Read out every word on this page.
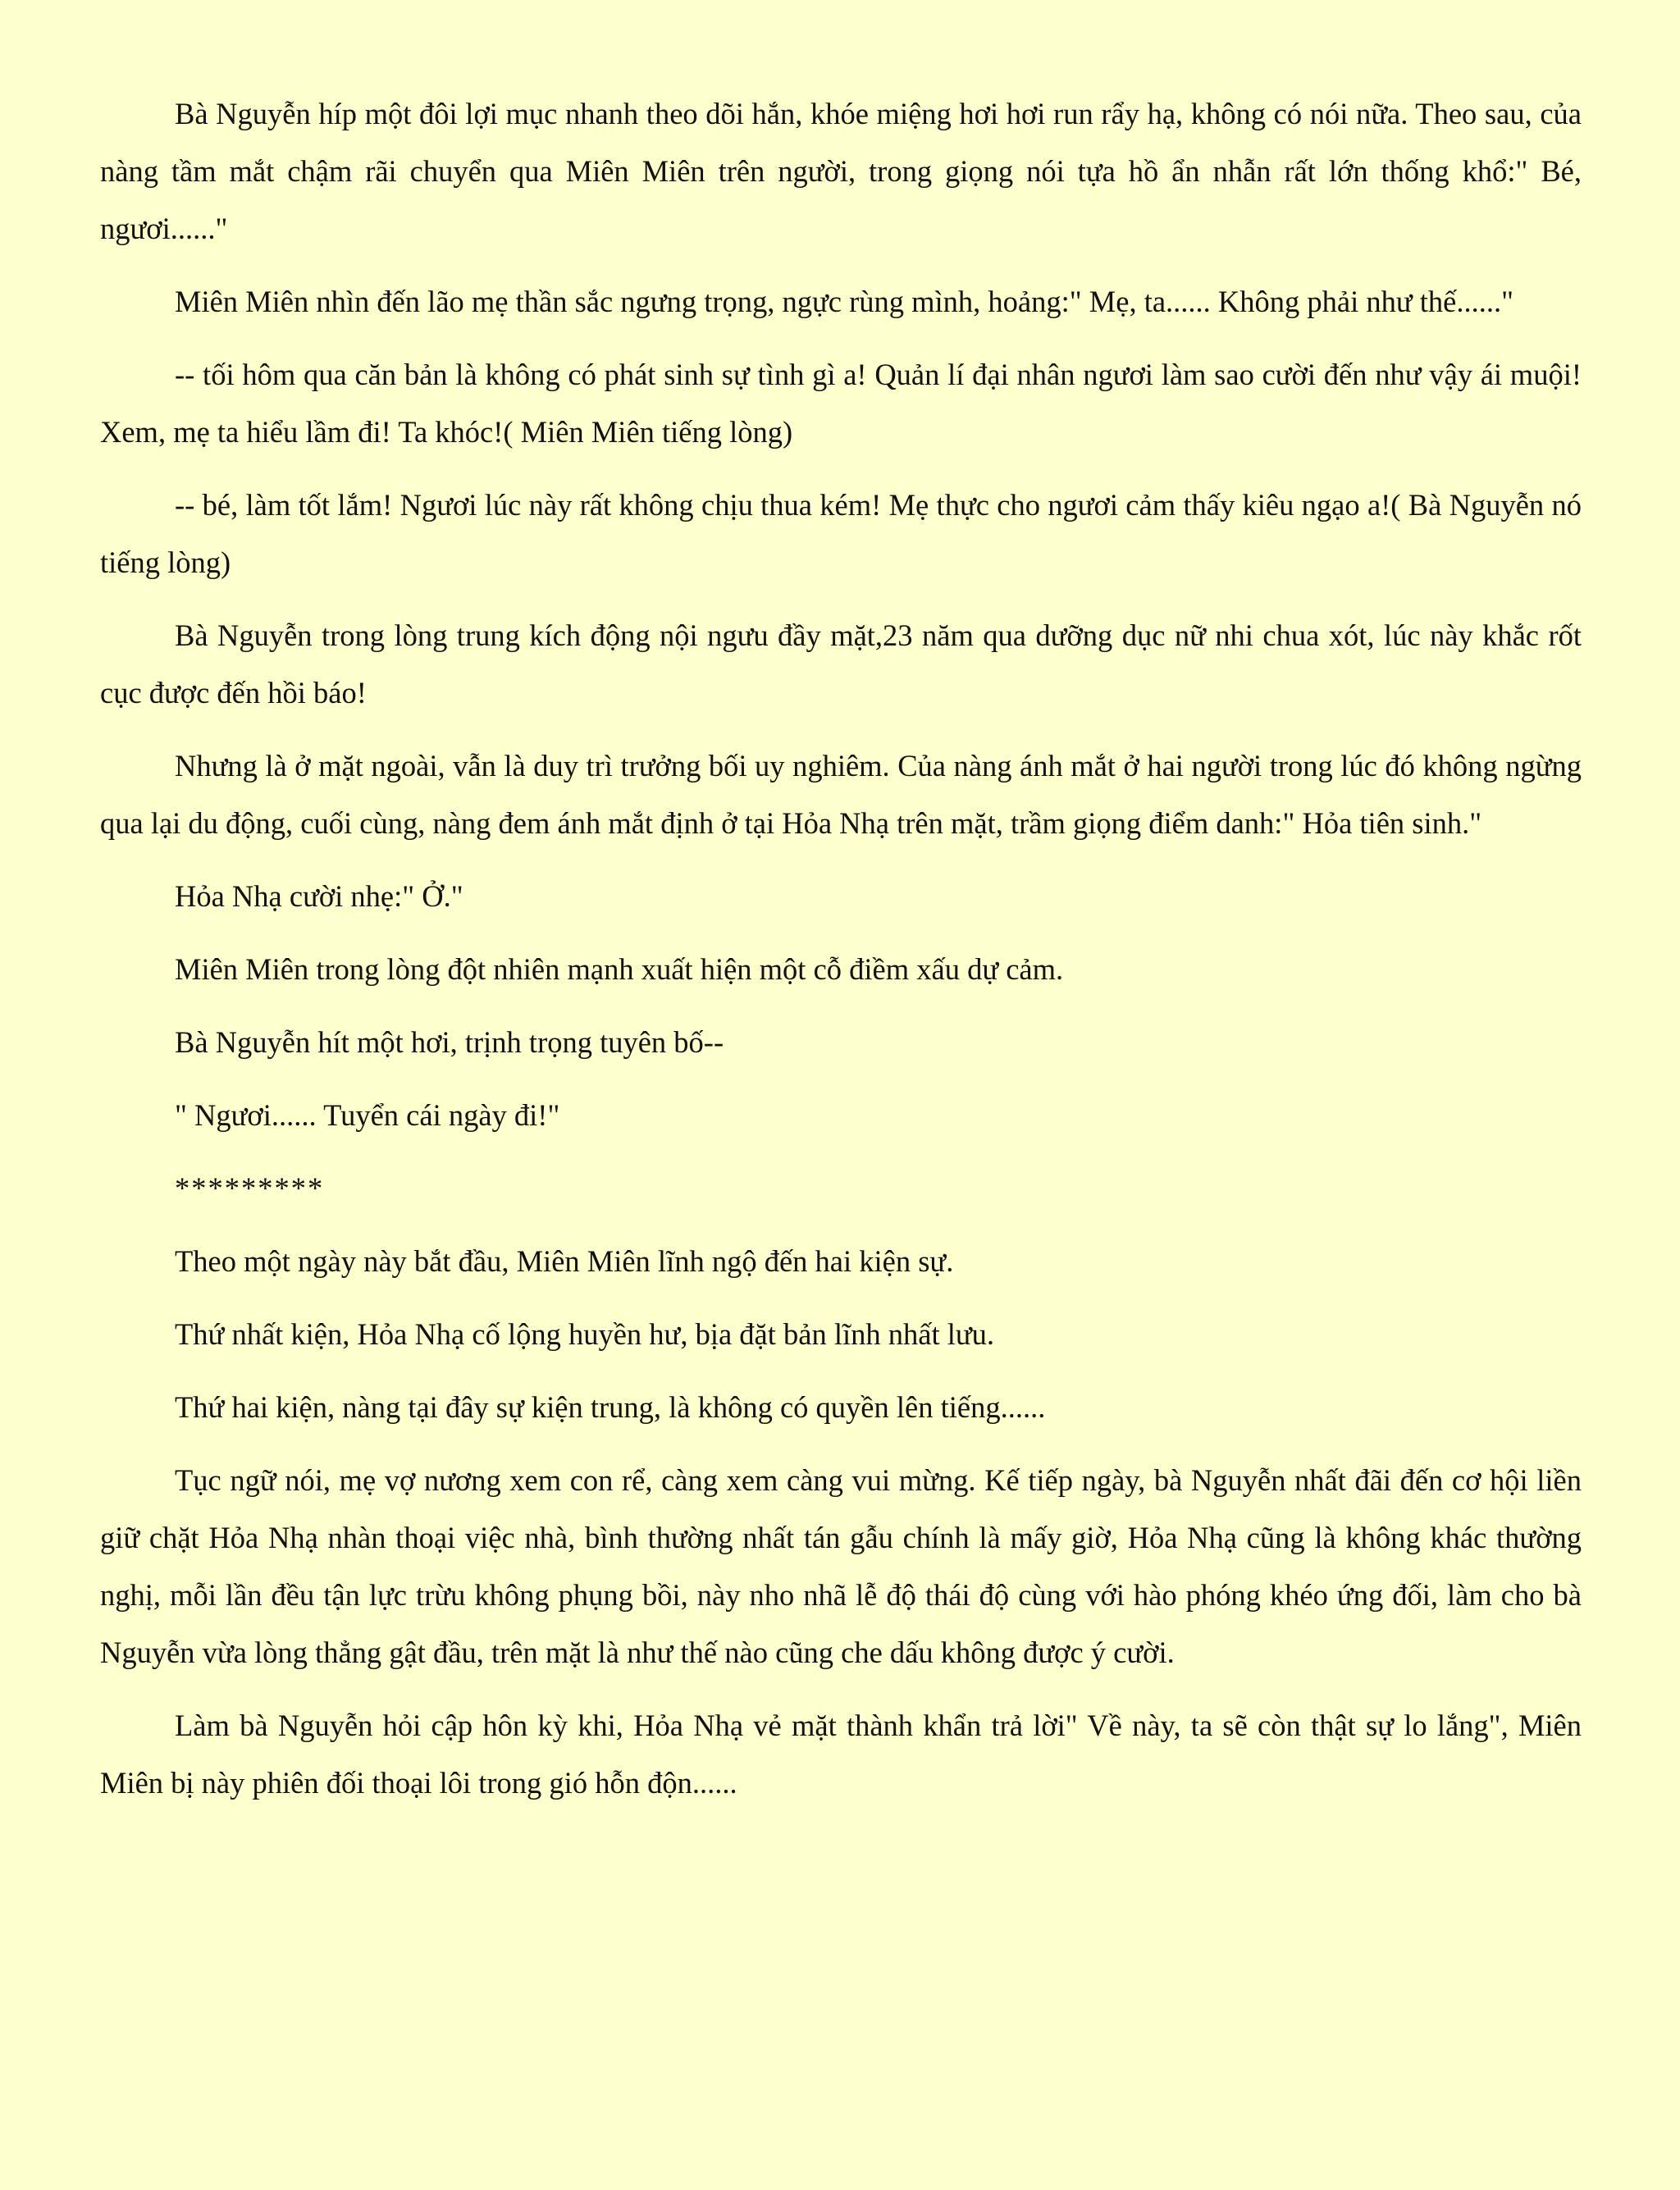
Bà Nguyễn híp một đôi lợi mục nhanh theo dõi hắn, khóe miệng hơi hơi run rẩy hạ, không có nói nữa. Theo sau, của nàng tầm mắt chậm rãi chuyển qua Miên Miên trên người, trong giọng nói tựa hồ ẩn nhẫn rất lớn thống khổ:" Bé, ngươi......"

Miên Miên nhìn đến lão mẹ thần sắc ngưng trọng, ngực rùng mình, hoảng:" Mẹ, ta...... Không phải như thế......"

-- tối hôm qua căn bản là không có phát sinh sự tình gì a! Quản lí đại nhân ngươi làm sao cười đến như vậy ái muội! Xem, mẹ ta hiểu lầm đi! Ta khóc!( Miên Miên tiếng lòng)

-- bé, làm tốt lắm! Ngươi lúc này rất không chịu thua kém! Mẹ thực cho ngươi cảm thấy kiêu ngạo a!( Bà Nguyễn nó tiếng lòng)

Bà Nguyễn trong lòng trung kích động nội ngưu đầy mặt,23 năm qua dưỡng dục nữ nhi chua xót, lúc này khắc rốt cục được đến hồi báo!

Nhưng là ở mặt ngoài, vẫn là duy trì trưởng bối uy nghiêm. Của nàng ánh mắt ở hai người trong lúc đó không ngừng qua lại du động, cuối cùng, nàng đem ánh mắt định ở tại Hỏa Nhạ trên mặt, trầm giọng điểm danh:" Hỏa tiên sinh."

Hỏa Nhạ cười nhẹ:" Ở."

Miên Miên trong lòng đột nhiên mạnh xuất hiện một cỗ điềm xấu dự cảm.

Bà Nguyễn hít một hơi, trịnh trọng tuyên bố--

" Ngươi...... Tuyển cái ngày đi!"

*********

Theo một ngày này bắt đầu, Miên Miên lĩnh ngộ đến hai kiện sự.

Thứ nhất kiện, Hỏa Nhạ cố lộng huyền hư, bịa đặt bản lĩnh nhất lưu.

Thứ hai kiện, nàng tại đây sự kiện trung, là không có quyền lên tiếng......

Tục ngữ nói, mẹ vợ nương xem con rể, càng xem càng vui mừng. Kế tiếp ngày, bà Nguyễn nhất đãi đến cơ hội liền giữ chặt Hỏa Nhạ nhàn thoại việc nhà, bình thường nhất tán gẫu chính là mấy giờ, Hỏa Nhạ cũng là không khác thường nghị, mỗi lần đều tận lực trừu không phụng bồi, này nho nhã lễ độ thái độ cùng với hào phóng khéo ứng đối, làm cho bà Nguyễn vừa lòng thẳng gật đầu, trên mặt là như thế nào cũng che dấu không được ý cười.

Làm bà Nguyễn hỏi cập hôn kỳ khi, Hỏa Nhạ vẻ mặt thành khẩn trả lời" Về này, ta sẽ còn thật sự lo lắng", Miên Miên bị này phiên đối thoại lôi trong gió hỗn độn......
